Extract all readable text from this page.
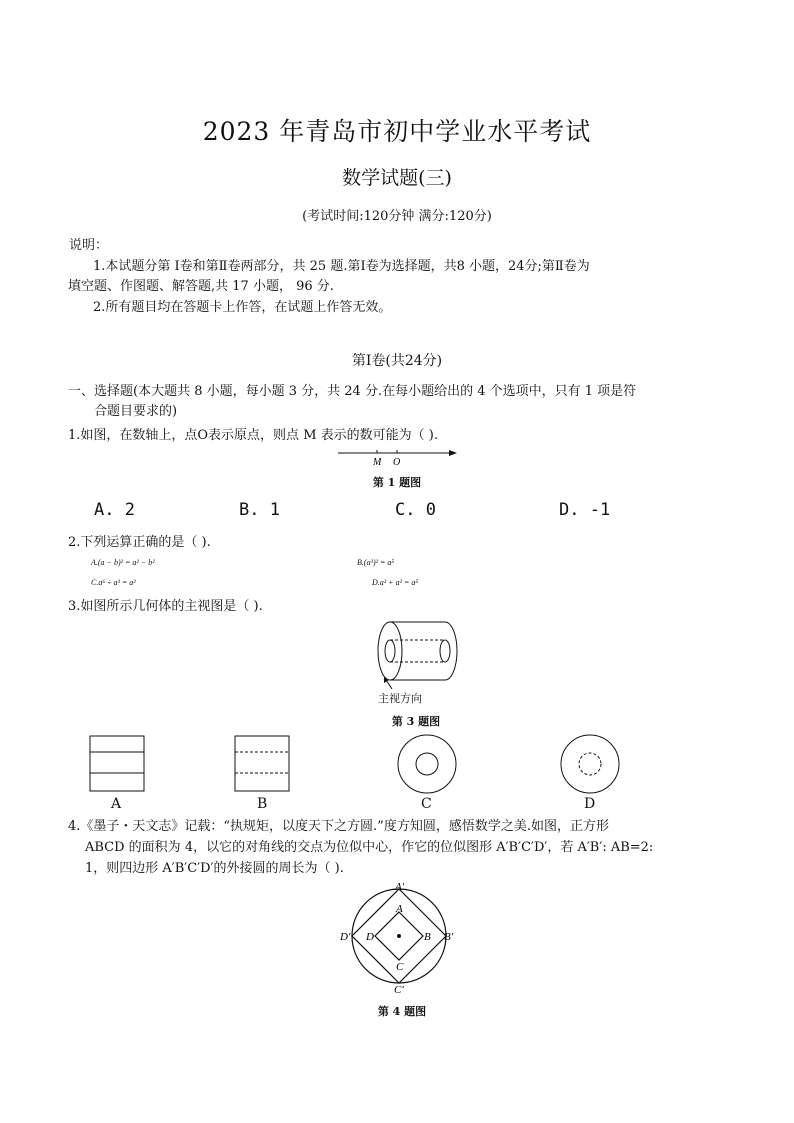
2023 年青岛市初中学业水平考试
数学试题(三)
(考试时间:120分钟 满分:120分)
说明：
1.本试题分第 Ⅰ卷和第Ⅱ卷两部分，共 25 题.第Ⅰ卷为选择题，共8 小题，24分;第Ⅱ卷为
填空题、作图题、解答题,共 17 小题， 96 分.
2.所有题目均在答题卡上作答，在试题上作答无效。
第Ⅰ卷(共24分)
一、选择题(本大题共 8 小题，每小题 3 分，共 24 分.在每小题给出的 4 个选项中，只有 1 项是符
合题目要求的)
1.如图，在数轴上，点O表示原点，则点 M 表示的数可能为（ ).
M O
第 1 题图
A. 2	B. 1	C. 0	D. -1
2.下列运算正确的是（ ).
A.(a − b)² = a² − b²	B.(a³)² = a⁵
C.a⁶ ÷ a³ = a²	D.a³ + a² = a⁵
3.如图所示几何体的主视图是（ ).
主视方向
第 3 题图
A	B	C	D
4.《墨子・天文志》记载：“执规矩，以度天下之方圆.”度方知圆，感悟数学之美.如图，正方形
ABCD 的面积为 4，以它的对角线的交点为位似中心，作它的位似图形 A′B′C′D′，若 A′B′: AB=2:
1，则四边形 A′B′C′D′的外接圆的周长为（ ).
A′
A
B B′
C
C′
D
D′
第 4 题图
